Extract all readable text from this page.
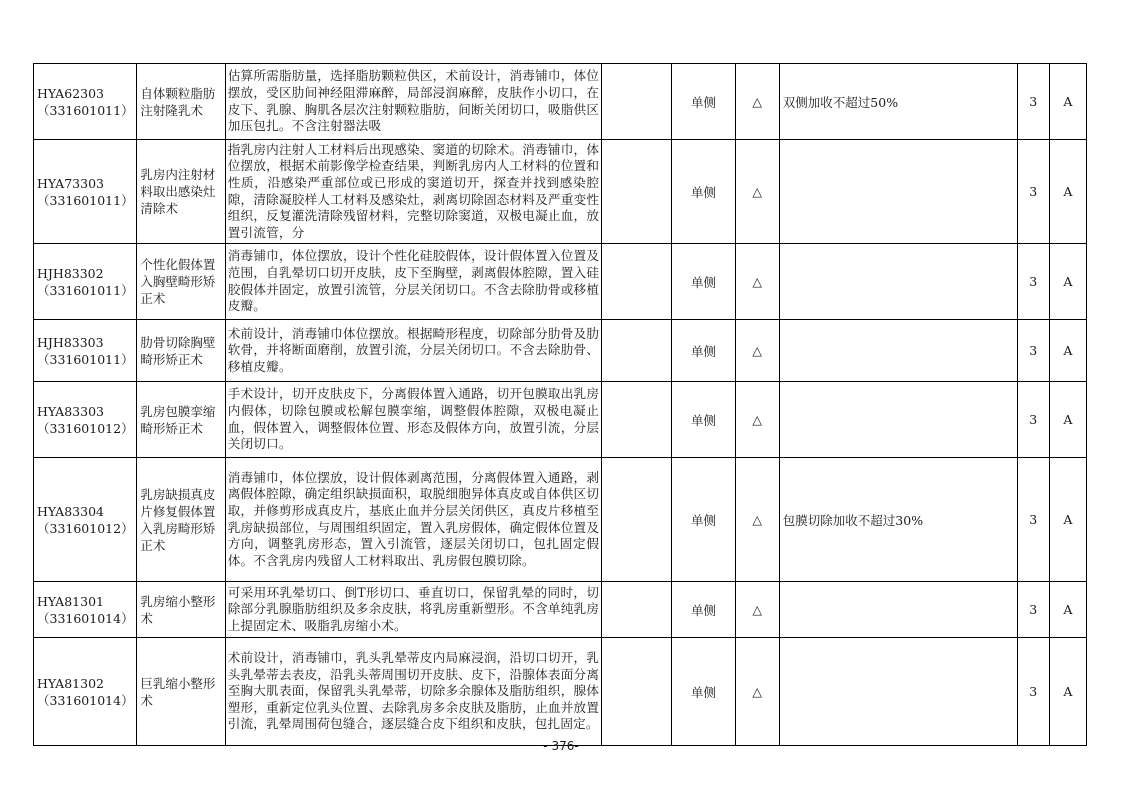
HYA62303
（331601011）	自体颗粒脂肪注射隆乳术	估算所需脂肪量，选择脂肪颗粒供区，术前设计，消毒铺巾，体位摆放，受区肋间神经阻滞麻醉，局部浸润麻醉，皮肤作小切口，在皮下、乳腺、胸肌各层次注射颗粒脂肪，间断关闭切口，吸脂供区加压包扎。不含注射器法吸		单侧	△	双侧加收不超过50%	3	A

HYA73303
（331601011）	乳房内注射材料取出感染灶清除术	指乳房内注射人工材料后出现感染、窦道的切除术。消毒铺巾，体位摆放，根据术前影像学检查结果，判断乳房内人工材料的位置和性质，沿感染严重部位或已形成的窦道切开，探查并找到感染腔隙，清除凝胶样人工材料及感染灶，剥离切除固态材料及严重变性组织，反复灌洗清除残留材料，完整切除窦道，双极电凝止血，放置引流管，分		单侧	△		3	A

HJH83302
（331601011）	个性化假体置入胸壁畸形矫正术	消毒铺巾，体位摆放，设计个性化硅胶假体，设计假体置入位置及范围，自乳晕切口切开皮肤，皮下至胸壁，剥离假体腔隙，置入硅胶假体并固定，放置引流管，分层关闭切口。不含去除肋骨或移植皮瓣。		单侧	△		3	A

HJH83303
（331601011）	肋骨切除胸壁畸形矫正术	术前设计，消毒铺巾体位摆放。根据畸形程度，切除部分肋骨及肋软骨，并将断面磨削，放置引流，分层关闭切口。不含去除肋骨、移植皮瓣。		单侧	△		3	A

HYA83303
（331601012）	乳房包膜挛缩畸形矫正术	手术设计，切开皮肤皮下，分离假体置入通路，切开包膜取出乳房内假体，切除包膜或松解包膜挛缩，调整假体腔隙，双极电凝止血，假体置入，调整假体位置、形态及假体方向，放置引流，分层关闭切口。		单侧	△		3	A

HYA83304
（331601012）	乳房缺损真皮片修复假体置入乳房畸形矫正术	消毒铺巾，体位摆放，设计假体剥离范围，分离假体置入通路，剥离假体腔隙，确定组织缺损面积，取脱细胞异体真皮或自体供区切取，并修剪形成真皮片，基底止血并分层关闭供区，真皮片移植至乳房缺损部位，与周围组织固定，置入乳房假体，确定假体位置及方向，调整乳房形态，置入引流管，逐层关闭切口，包扎固定假体。不含乳房内残留人工材料取出、乳房假包膜切除。		单侧	△	包膜切除加收不超过30%	3	A

HYA81301
（331601014）	乳房缩小整形术	可采用环乳晕切口、倒T形切口、垂直切口，保留乳晕的同时，切除部分乳腺脂肪组织及多余皮肤，将乳房重新塑形。不含单纯乳房上提固定术、吸脂乳房缩小术。		单侧	△		3	A

HYA81302
（331601014）	巨乳缩小整形术	术前设计，消毒铺巾，乳头乳晕蒂皮内局麻浸润，沿切口切开，乳头乳晕蒂去表皮，沿乳头蒂周围切开皮肤、皮下，沿腺体表面分离至胸大肌表面，保留乳头乳晕蒂，切除多余腺体及脂肪组织，腺体塑形，重新定位乳头位置、去除乳房多余皮肤及脂肪，止血并放置引流，乳晕周围荷包缝合，逐层缝合皮下组织和皮肤，包扎固定。		单侧	△		3	A
- 376-
